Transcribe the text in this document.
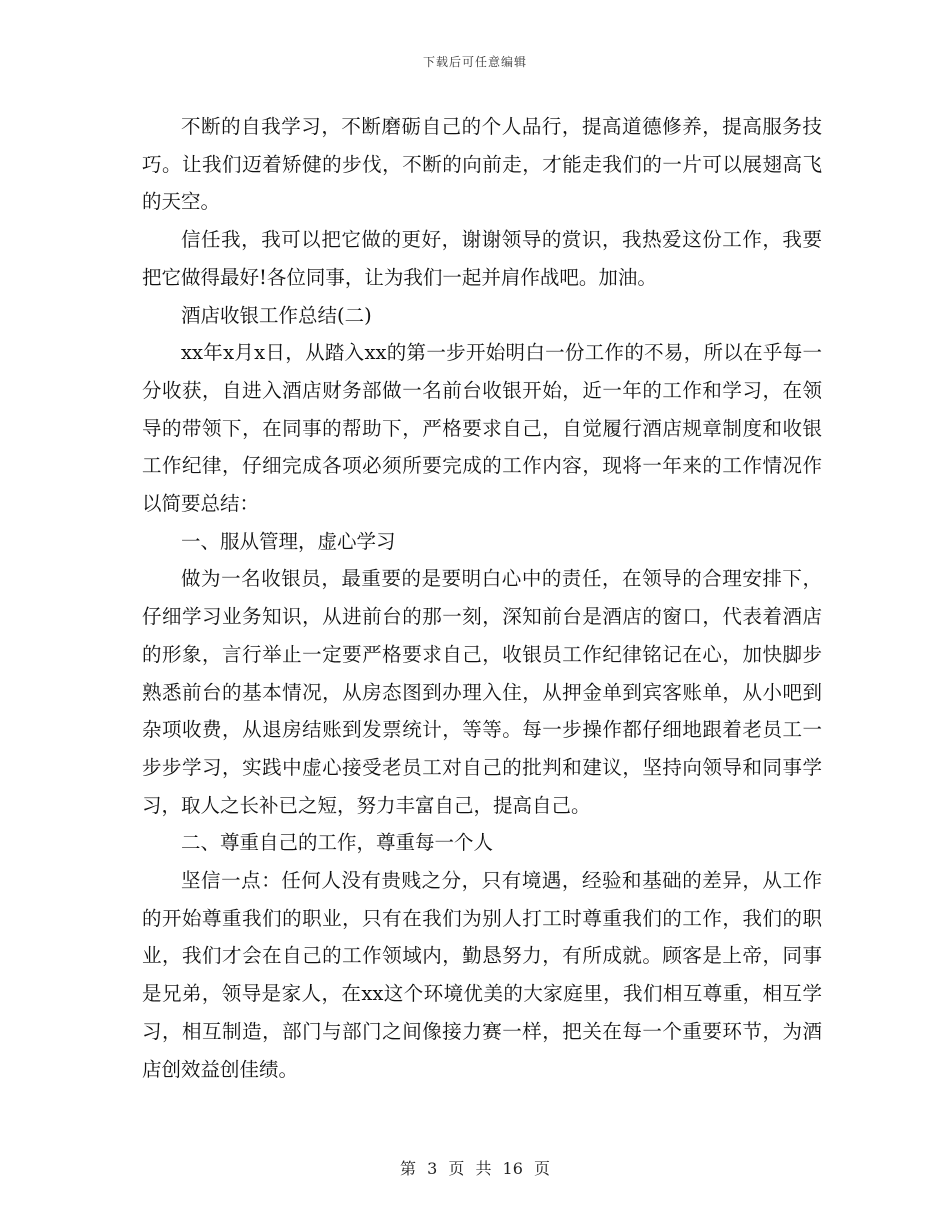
下载后可任意编辑

不断的自我学习，不断磨砺自己的个人品行，提高道德修养，提高服务技巧。让我们迈着矫健的步伐，不断的向前走，才能走我们的一片可以展翅高飞的天空。

信任我，我可以把它做的更好，谢谢领导的赏识，我热爱这份工作，我要把它做得最好!各位同事，让为我们一起并肩作战吧。加油。

酒店收银工作总结(二)

xx年x月x日，从踏入xx的第一步开始明白一份工作的不易，所以在乎每一分收获，自进入酒店财务部做一名前台收银开始，近一年的工作和学习，在领导的带领下，在同事的帮助下，严格要求自己，自觉履行酒店规章制度和收银工作纪律，仔细完成各项必须所要完成的工作内容，现将一年来的工作情况作以简要总结：

一、服从管理，虚心学习

做为一名收银员，最重要的是要明白心中的责任，在领导的合理安排下，仔细学习业务知识，从进前台的那一刻，深知前台是酒店的窗口，代表着酒店的形象，言行举止一定要严格要求自己，收银员工作纪律铭记在心，加快脚步熟悉前台的基本情况，从房态图到办理入住，从押金单到宾客账单，从小吧到杂项收费，从退房结账到发票统计，等等。每一步操作都仔细地跟着老员工一步步学习，实践中虚心接受老员工对自己的批判和建议，坚持向领导和同事学习，取人之长补已之短，努力丰富自己，提高自己。

二、尊重自己的工作，尊重每一个人

坚信一点：任何人没有贵贱之分，只有境遇，经验和基础的差异，从工作的开始尊重我们的职业，只有在我们为别人打工时尊重我们的工作，我们的职业，我们才会在自己的工作领域内，勤恳努力，有所成就。顾客是上帝，同事是兄弟，领导是家人，在xx这个环境优美的大家庭里，我们相互尊重，相互学习，相互制造，部门与部门之间像接力赛一样，把关在每一个重要环节，为酒店创效益创佳绩。

第 3 页 共 16 页
